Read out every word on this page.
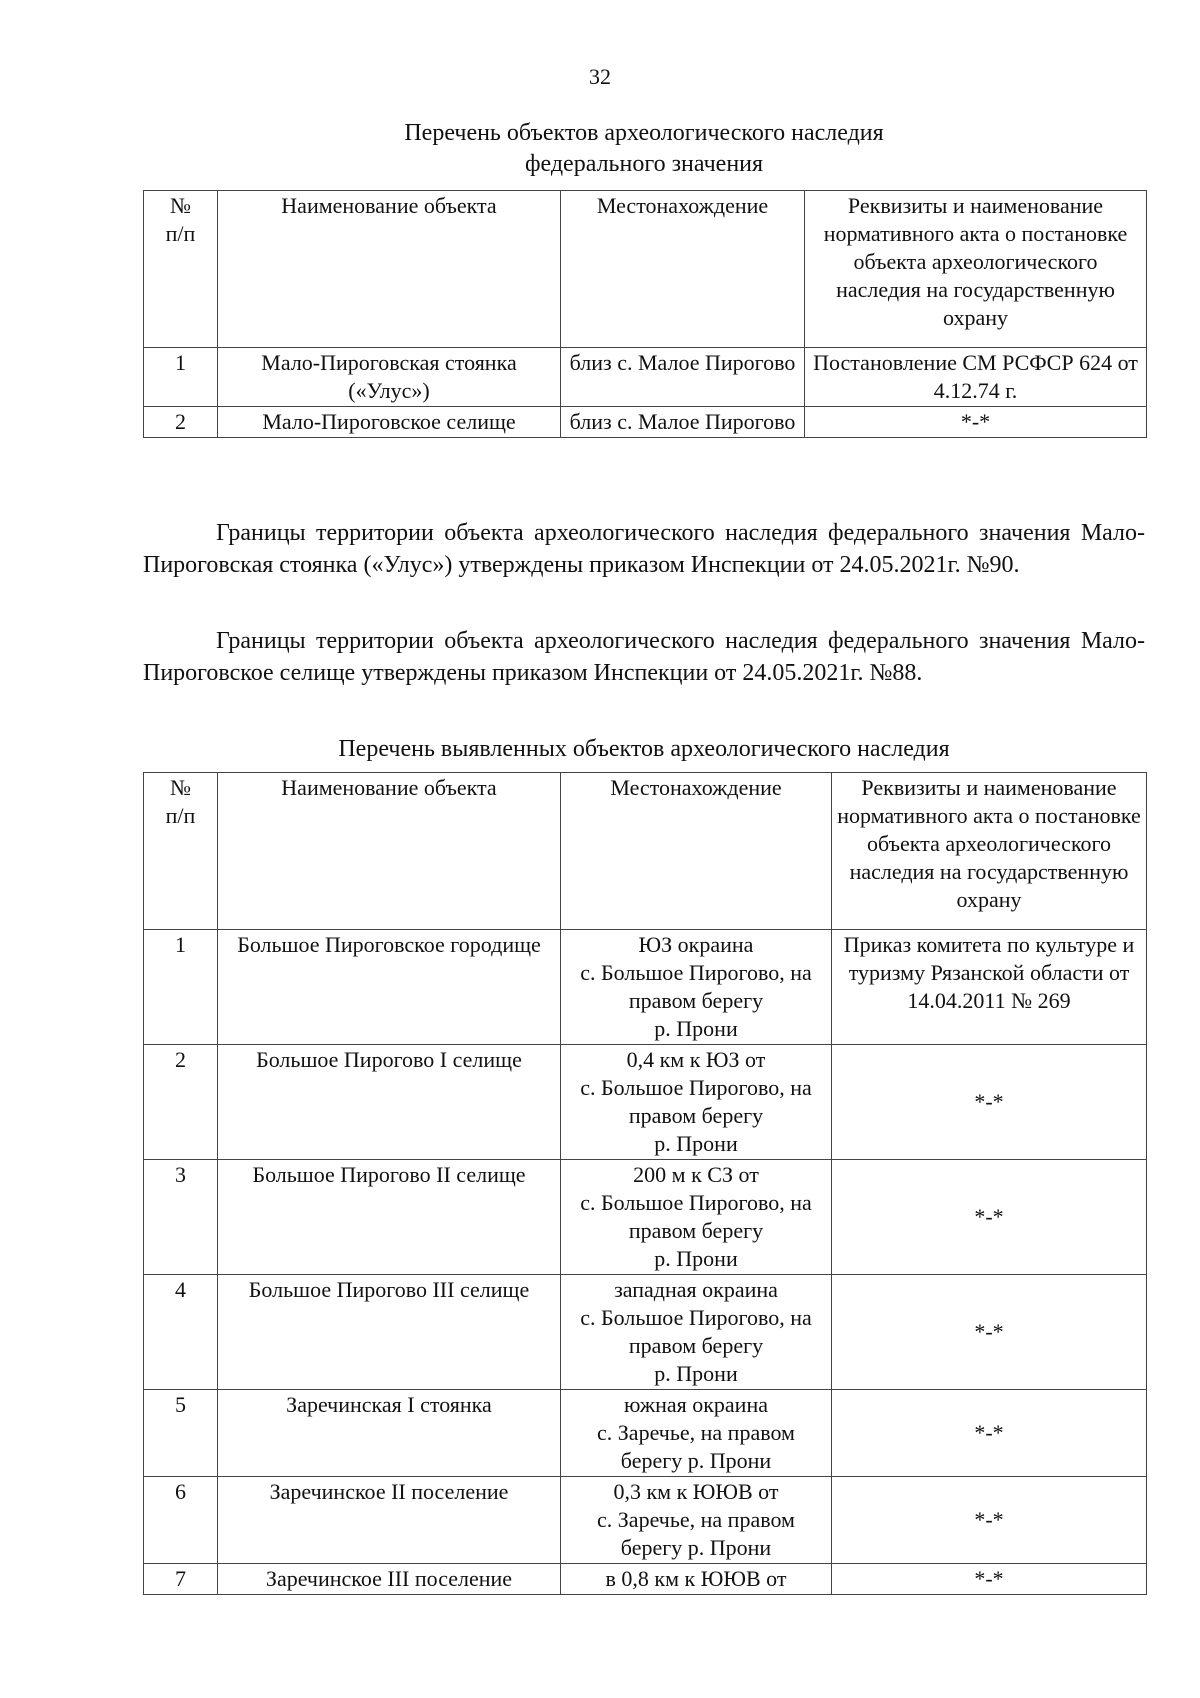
32
Перечень объектов археологического наследия
федерального значения
№
п/п	Наименование объекта	Местонахождение	Реквизиты и наименование нормативного акта о постановке объекта археологического наследия на государственную охрану
1	Мало-Пироговская стоянка («Улус»)	близ с. Малое Пирогово	Постановление СМ РСФСР 624 от 4.12.74 г.
2	Мало-Пироговское селище	близ с. Малое Пирогово	*-*

Границы территории объекта археологического наследия федерального значения Мало-Пироговская стоянка («Улус») утверждены приказом Инспекции от 24.05.2021г. №90.

Границы территории объекта археологического наследия федерального значения Мало-Пироговское селище утверждены приказом Инспекции от 24.05.2021г. №88.

Перечень выявленных объектов археологического наследия
№
п/п	Наименование объекта	Местонахождение	Реквизиты и наименование нормативного акта о постановке объекта археологического наследия на государственную охрану
1	Большое Пироговское городище	ЮЗ окраина
с. Большое Пирогово, на правом берегу
р. Прони	Приказ комитета по культуре и туризму Рязанской области от 14.04.2011 № 269
2	Большое Пирогово I селище	0,4 км к ЮЗ от
с. Большое Пирогово, на правом берегу
р. Прони	*-*
3	Большое Пирогово II селище	200 м к СЗ от
с. Большое Пирогово, на правом берегу
р. Прони	*-*
4	Большое Пирогово III селище	западная окраина
с. Большое Пирогово, на правом берегу
р. Прони	*-*
5	Заречинская I стоянка	южная окраина
с. Заречье, на правом берегу р. Прони	*-*
6	Заречинское II поселение	0,3 км к ЮЮВ от
с. Заречье, на правом берегу р. Прони	*-*
7	Заречинское III поселение	в 0,8 км к ЮЮВ от	*-*
